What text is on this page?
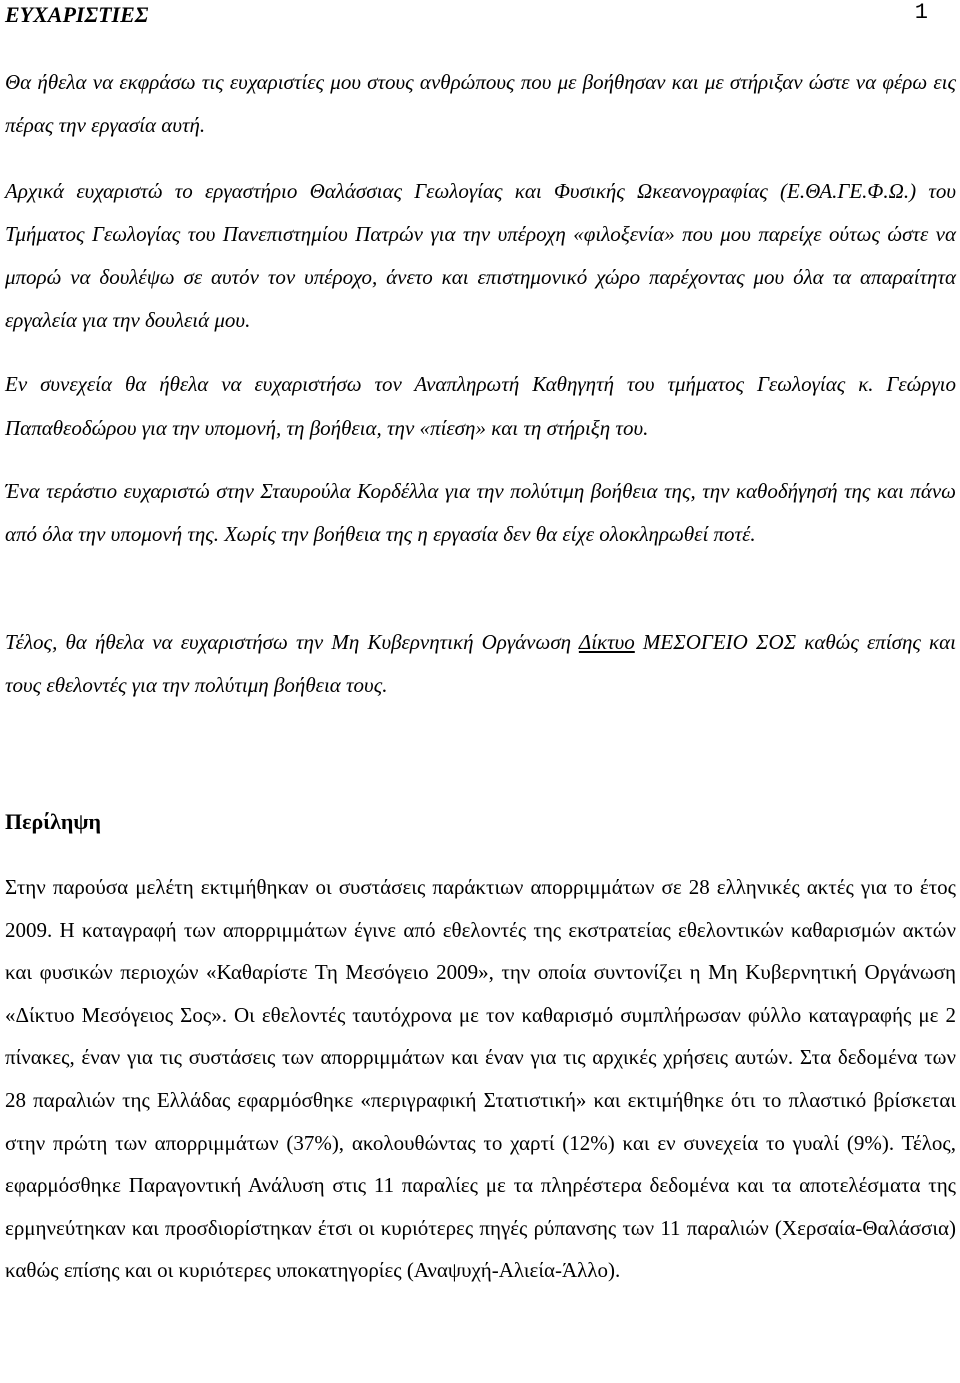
1
ΕΥΧΑΡΙΣΤΙΕΣ

Θα ήθελα να εκφράσω τις ευχαριστίες μου στους ανθρώπους που με βοήθησαν και με στήριξαν ώστε να φέρω εις πέρας την εργασία αυτή.

Αρχικά ευχαριστώ το εργαστήριο Θαλάσσιας Γεωλογίας και Φυσικής Ωκεανογραφίας (Ε.ΘΑ.ΓΕ.Φ.Ω.) του Τμήματος Γεωλογίας του Πανεπιστημίου Πατρών για την υπέροχη «φιλοξενία» που μου παρείχε ούτως ώστε να μπορώ να δουλέψω σε αυτόν τον υπέροχο, άνετο και επιστημονικό χώρο παρέχοντας μου όλα τα απαραίτητα εργαλεία για την δουλειά μου.

Εν συνεχεία θα ήθελα να ευχαριστήσω τον Αναπληρωτή Καθηγητή του τμήματος Γεωλογίας κ. Γεώργιο Παπαθεοδώρου για την υπομονή, τη βοήθεια, την «πίεση» και τη στήριξη του.

Ένα τεράστιο ευχαριστώ στην Σταυρούλα Κορδέλλα για την πολύτιμη βοήθεια της, την καθοδήγησή της και πάνω από όλα την υπομονή της. Χωρίς την βοήθεια της η εργασία δεν θα είχε ολοκληρωθεί ποτέ.

Τέλος, θα ήθελα να ευχαριστήσω την Μη Κυβερνητική Οργάνωση Δίκτυο ΜΕΣΟΓΕΙΟ ΣΟΣ καθώς επίσης και τους εθελοντές για την πολύτιμη βοήθεια τους.

Περίληψη

Στην παρούσα μελέτη εκτιμήθηκαν οι συστάσεις παράκτιων απορριμμάτων σε 28 ελληνικές ακτές για το έτος 2009. Η καταγραφή των απορριμμάτων έγινε από εθελοντές της εκστρατείας εθελοντικών καθαρισμών ακτών και φυσικών περιοχών «Καθαρίστε Τη Μεσόγειο 2009», την οποία συντονίζει η Μη Κυβερνητική Οργάνωση «Δίκτυο Μεσόγειος Σος». Οι εθελοντές ταυτόχρονα με τον καθαρισμό συμπλήρωσαν φύλλο καταγραφής με 2 πίνακες, έναν για τις συστάσεις των απορριμμάτων και έναν για τις αρχικές χρήσεις αυτών. Στα δεδομένα των 28 παραλιών της Ελλάδας εφαρμόσθηκε «περιγραφική Στατιστική» και εκτιμήθηκε ότι το πλαστικό βρίσκεται στην πρώτη των απορριμμάτων (37%), ακολουθώντας το χαρτί (12%) και εν συνεχεία το γυαλί (9%). Τέλος, εφαρμόσθηκε Παραγοντική Ανάλυση στις 11 παραλίες με τα πληρέστερα δεδομένα και τα αποτελέσματα της ερμηνεύτηκαν και προσδιορίστηκαν έτσι οι κυριότερες πηγές ρύπανσης των 11 παραλιών (Χερσαία-Θαλάσσια) καθώς επίσης και οι κυριότερες υποκατηγορίες (Αναψυχή-Αλιεία-Άλλο).
